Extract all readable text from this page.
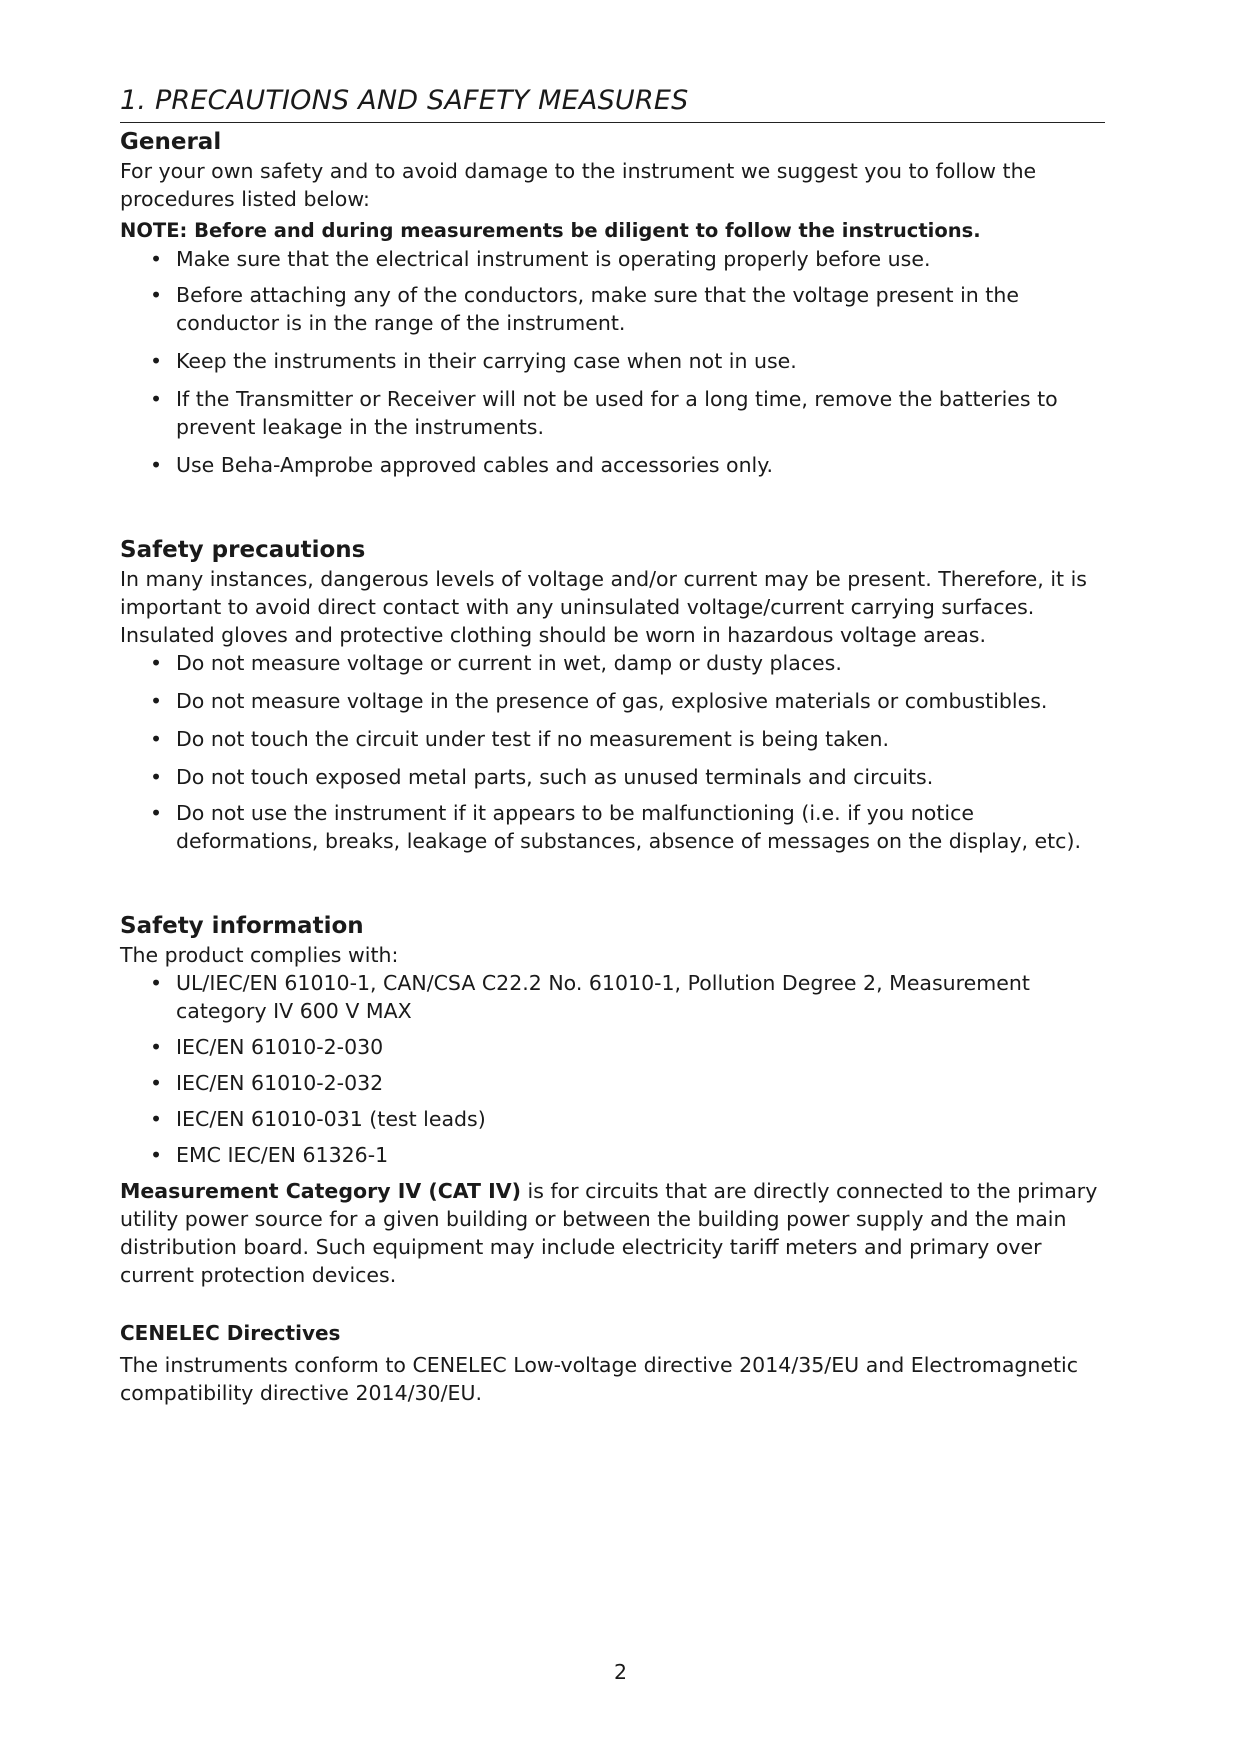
1. PRECAUTIONS AND SAFETY MEASURES
General

For your own safety and to avoid damage to the instrument we suggest you to follow the procedures listed below:

NOTE: Before and during measurements be diligent to follow the instructions.

• Make sure that the electrical instrument is operating properly before use.
• Before attaching any of the conductors, make sure that the voltage present in the conductor is in the range of the instrument.
• Keep the instruments in their carrying case when not in use.
• If the Transmitter or Receiver will not be used for a long time, remove the batteries to prevent leakage in the instruments.
• Use Beha-Amprobe approved cables and accessories only.
Safety precautions

In many instances, dangerous levels of voltage and/or current may be present. Therefore, it is important to avoid direct contact with any uninsulated voltage/current carrying surfaces. Insulated gloves and protective clothing should be worn in hazardous voltage areas.

• Do not measure voltage or current in wet, damp or dusty places.
• Do not measure voltage in the presence of gas, explosive materials or combustibles.
• Do not touch the circuit under test if no measurement is being taken.
• Do not touch exposed metal parts, such as unused terminals and circuits.
• Do not use the instrument if it appears to be malfunctioning (i.e. if you notice deformations, breaks, leakage of substances, absence of messages on the display, etc).
Safety information

The product complies with:

• UL/IEC/EN 61010-1, CAN/CSA C22.2 No. 61010-1, Pollution Degree 2, Measurement category IV 600 V MAX
• IEC/EN 61010-2-030
• IEC/EN 61010-2-032
• IEC/EN 61010-031 (test leads)
• EMC IEC/EN 61326-1

Measurement Category IV (CAT IV) is for circuits that are directly connected to the primary utility power source for a given building or between the building power supply and the main distribution board. Such equipment may include electricity tariff meters and primary over current protection devices.

CENELEC Directives

The instruments conform to CENELEC Low-voltage directive 2014/35/EU and Electromagnetic compatibility directive 2014/30/EU.

2
